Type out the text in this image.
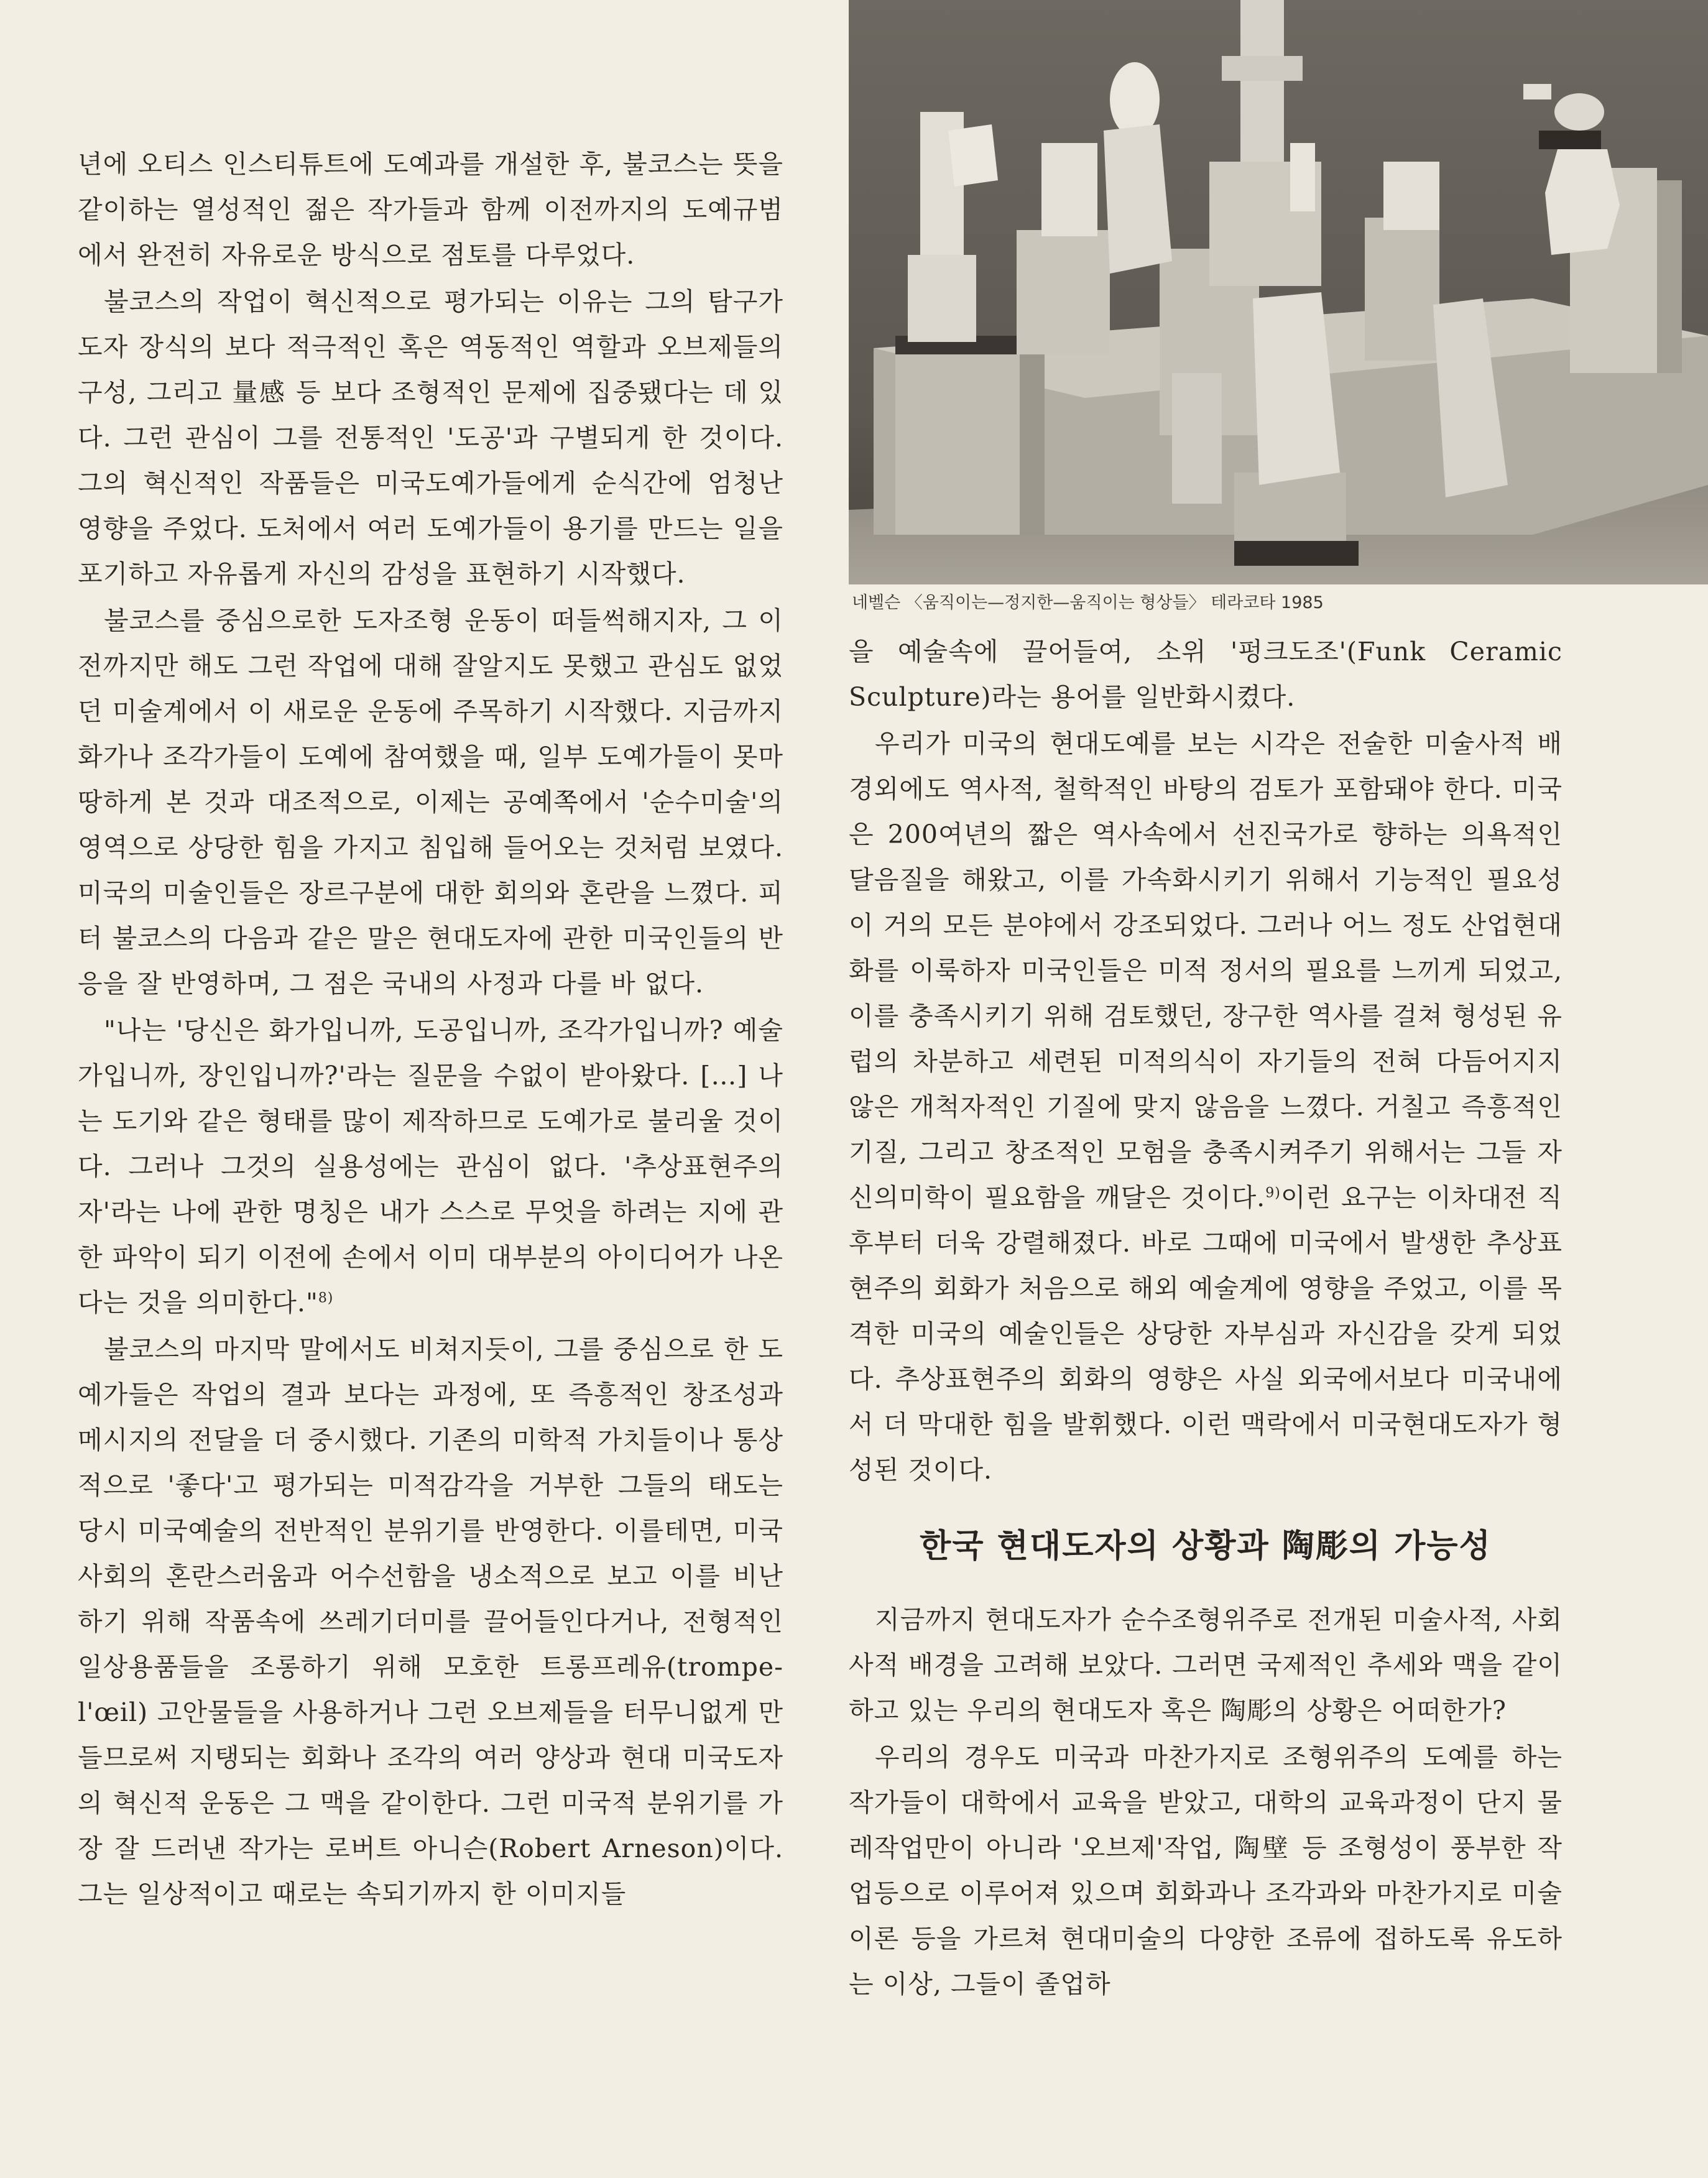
네벨슨 〈움직이는—정지한—움직이는 형상들〉 테라코타 1985

년에 오티스 인스티튜트에 도예과를 개설한 후, 불코스는 뜻을 같이하는 열성적인 젊은 작가들과 함께 이전까지의 도예규범에서 완전히 자유로운 방식으로 점토를 다루었다.

불코스의 작업이 혁신적으로 평가되는 이유는 그의 탐구가 도자 장식의 보다 적극적인 혹은 역동적인 역할과 오브제들의 구성, 그리고 量感 등 보다 조형적인 문제에 집중됐다는 데 있다. 그런 관심이 그를 전통적인 '도공'과 구별되게 한 것이다. 그의 혁신적인 작품들은 미국도예가들에게 순식간에 엄청난 영향을 주었다. 도처에서 여러 도예가들이 용기를 만드는 일을 포기하고 자유롭게 자신의 감성을 표현하기 시작했다.

불코스를 중심으로한 도자조형 운동이 떠들썩해지자, 그 이전까지만 해도 그런 작업에 대해 잘알지도 못했고 관심도 없었던 미술계에서 이 새로운 운동에 주목하기 시작했다. 지금까지 화가나 조각가들이 도예에 참여했을 때, 일부 도예가들이 못마땅하게 본 것과 대조적으로, 이제는 공예쪽에서 '순수미술'의 영역으로 상당한 힘을 가지고 침입해 들어오는 것처럼 보였다. 미국의 미술인들은 장르구분에 대한 회의와 혼란을 느꼈다. 피터 불코스의 다음과 같은 말은 현대도자에 관한 미국인들의 반응을 잘 반영하며, 그 점은 국내의 사정과 다를 바 없다.

"나는 '당신은 화가입니까, 도공입니까, 조각가입니까? 예술가입니까, 장인입니까?'라는 질문을 수없이 받아왔다. […] 나는 도기와 같은 형태를 많이 제작하므로 도예가로 불리울 것이다. 그러나 그것의 실용성에는 관심이 없다. '추상표현주의자'라는 나에 관한 명칭은 내가 스스로 무엇을 하려는 지에 관한 파악이 되기 이전에 손에서 이미 대부분의 아이디어가 나온다는 것을 의미한다."$^{8)}$

불코스의 마지막 말에서도 비쳐지듯이, 그를 중심으로 한 도예가들은 작업의 결과 보다는 과정에, 또 즉흥적인 창조성과 메시지의 전달을 더 중시했다. 기존의 미학적 가치들이나 통상적으로 '좋다'고 평가되는 미적감각을 거부한 그들의 태도는 당시 미국예술의 전반적인 분위기를 반영한다. 이를테면, 미국사회의 혼란스러움과 어수선함을 냉소적으로 보고 이를 비난하기 위해 작품속에 쓰레기더미를 끌어들인다거나, 전형적인 일상용품들을 조롱하기 위해 모호한 트롱프레유(trompe-l'œil) 고안물들을 사용하거나 그런 오브제들을 터무니없게 만들므로써 지탱되는 회화나 조각의 여러 양상과 현대 미국도자의 혁신적 운동은 그 맥을 같이한다. 그런 미국적 분위기를 가장 잘 드러낸 작가는 로버트 아니슨(Robert Arneson)이다. 그는 일상적이고 때로는 속되기까지 한 이미지들

을 예술속에 끌어들여, 소위 '펑크도조'(Funk Ceramic Sculpture)라는 용어를 일반화시켰다.

우리가 미국의 현대도예를 보는 시각은 전술한 미술사적 배경외에도 역사적, 철학적인 바탕의 검토가 포함돼야 한다. 미국은 200여년의 짧은 역사속에서 선진국가로 향하는 의욕적인 달음질을 해왔고, 이를 가속화시키기 위해서 기능적인 필요성이 거의 모든 분야에서 강조되었다. 그러나 어느 정도 산업현대화를 이룩하자 미국인들은 미적 정서의 필요를 느끼게 되었고, 이를 충족시키기 위해 검토했던, 장구한 역사를 걸쳐 형성된 유럽의 차분하고 세련된 미적의식이 자기들의 전혀 다듬어지지 않은 개척자적인 기질에 맞지 않음을 느꼈다. 거칠고 즉흥적인 기질, 그리고 창조적인 모험을 충족시켜주기 위해서는 그들 자신의미학이 필요함을 깨달은 것이다.$^{9)}$이런 요구는 이차대전 직후부터 더욱 강렬해졌다. 바로 그때에 미국에서 발생한 추상표현주의 회화가 처음으로 해외 예술계에 영향을 주었고, 이를 목격한 미국의 예술인들은 상당한 자부심과 자신감을 갖게 되었다. 추상표현주의 회화의 영향은 사실 외국에서보다 미국내에서 더 막대한 힘을 발휘했다. 이런 맥락에서 미국현대도자가 형성된 것이다.

한국 현대도자의 상황과 陶彫의 가능성

지금까지 현대도자가 순수조형위주로 전개된 미술사적, 사회사적 배경을 고려해 보았다. 그러면 국제적인 추세와 맥을 같이 하고 있는 우리의 현대도자 혹은 陶彫의 상황은 어떠한가?

우리의 경우도 미국과 마찬가지로 조형위주의 도예를 하는 작가들이 대학에서 교육을 받았고, 대학의 교육과정이 단지 물레작업만이 아니라 '오브제'작업, 陶壁 등 조형성이 풍부한 작업등으로 이루어져 있으며 회화과나 조각과와 마찬가지로 미술이론 등을 가르쳐 현대미술의 다양한 조류에 접하도록 유도하는 이상, 그들이 졸업하
